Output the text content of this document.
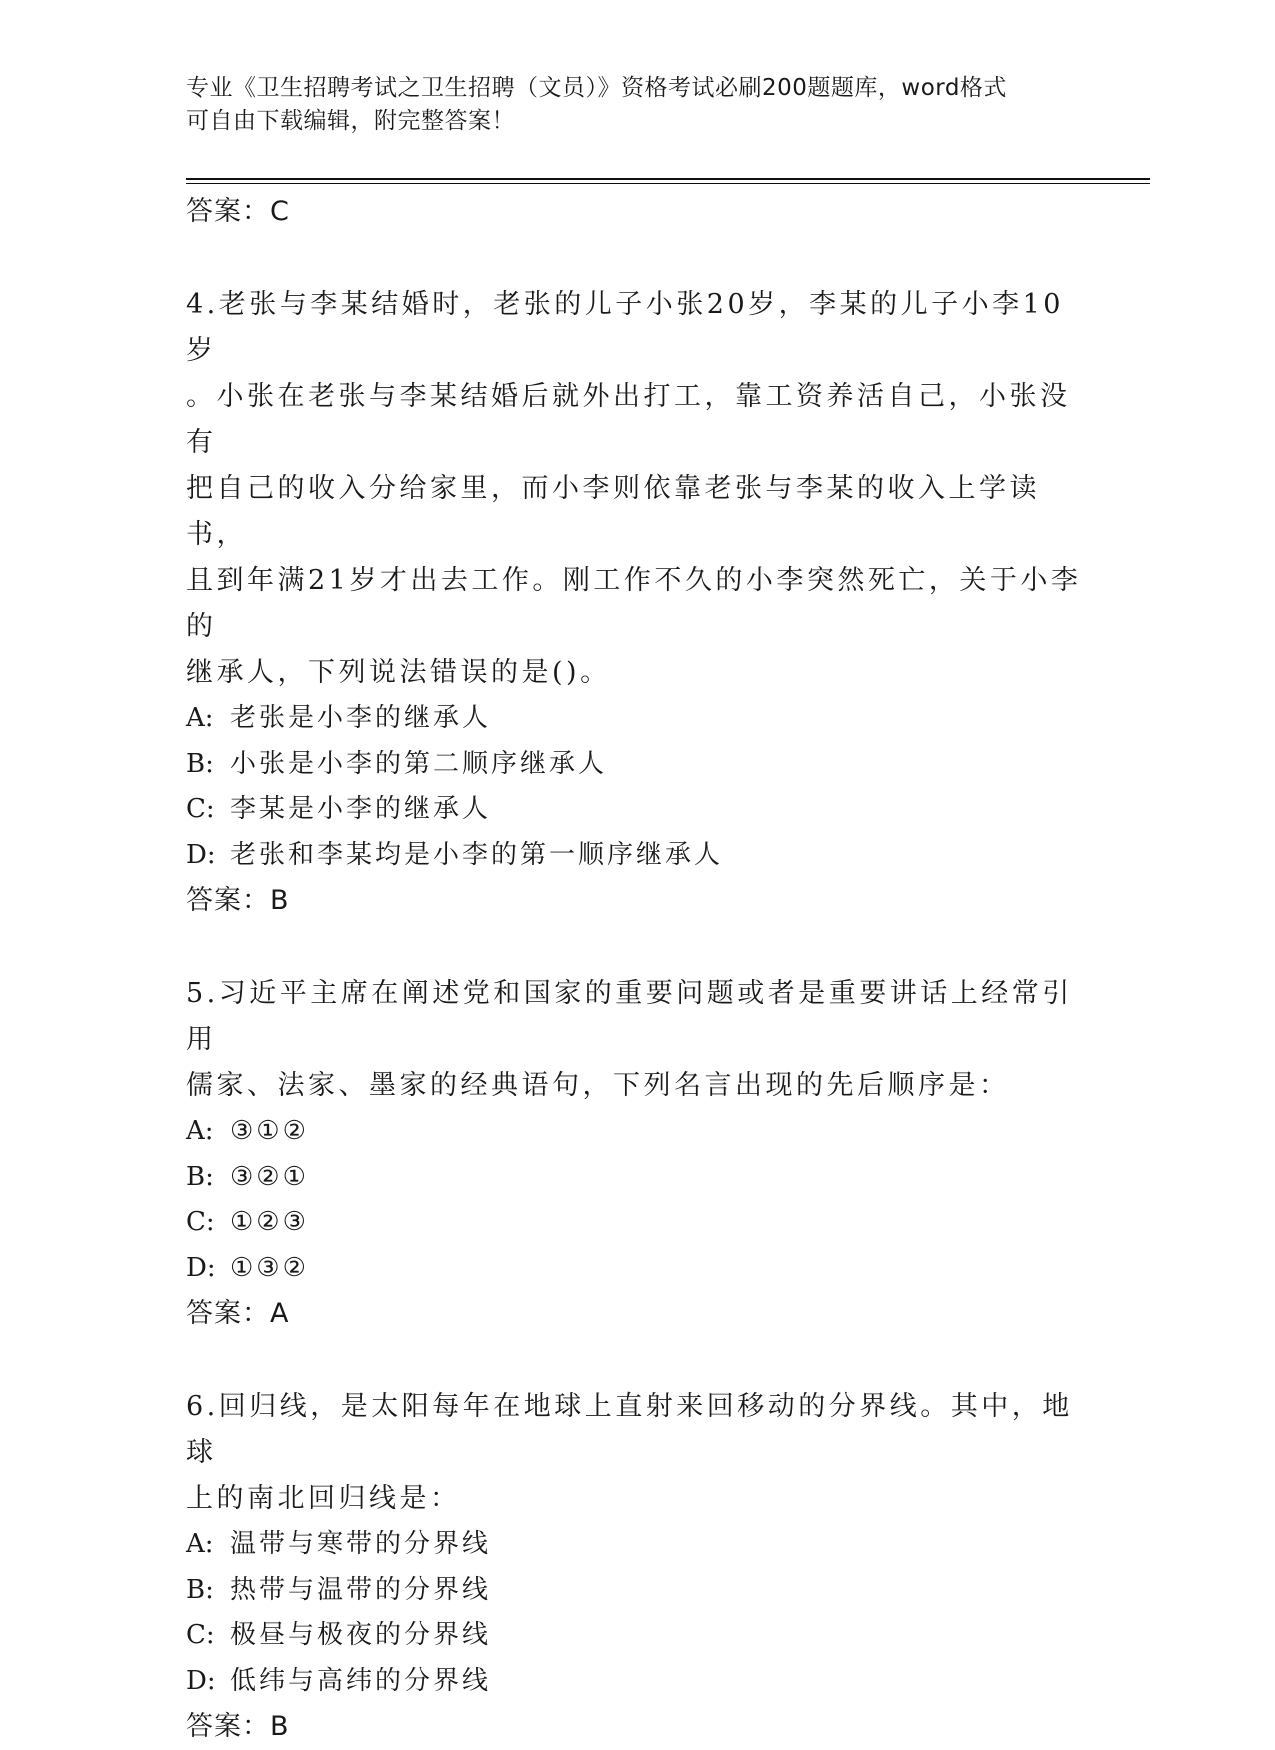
专业《卫生招聘考试之卫生招聘（文员）》资格考试必刷200题题库，word格式
可自由下载编辑，附完整答案！
答案：C
4.老张与李某结婚时，老张的儿子小张20岁，李某的儿子小李10岁
。小张在老张与李某结婚后就外出打工，靠工资养活自己，小张没有
把自己的收入分给家里，而小李则依靠老张与李某的收入上学读书，
且到年满21岁才出去工作。刚工作不久的小李突然死亡，关于小李的
继承人，下列说法错误的是()。
A: 老张是小李的继承人
B: 小张是小李的第二顺序继承人
C: 李某是小李的继承人
D: 老张和李某均是小李的第一顺序继承人
答案：B
5.习近平主席在阐述党和国家的重要问题或者是重要讲话上经常引用
儒家、法家、墨家的经典语句，下列名言出现的先后顺序是：
A: ③①②
B: ③②①
C: ①②③
D: ①③②
答案：A
6.回归线，是太阳每年在地球上直射来回移动的分界线。其中，地球
上的南北回归线是：
A: 温带与寒带的分界线
B: 热带与温带的分界线
C: 极昼与极夜的分界线
D: 低纬与高纬的分界线
答案：B
